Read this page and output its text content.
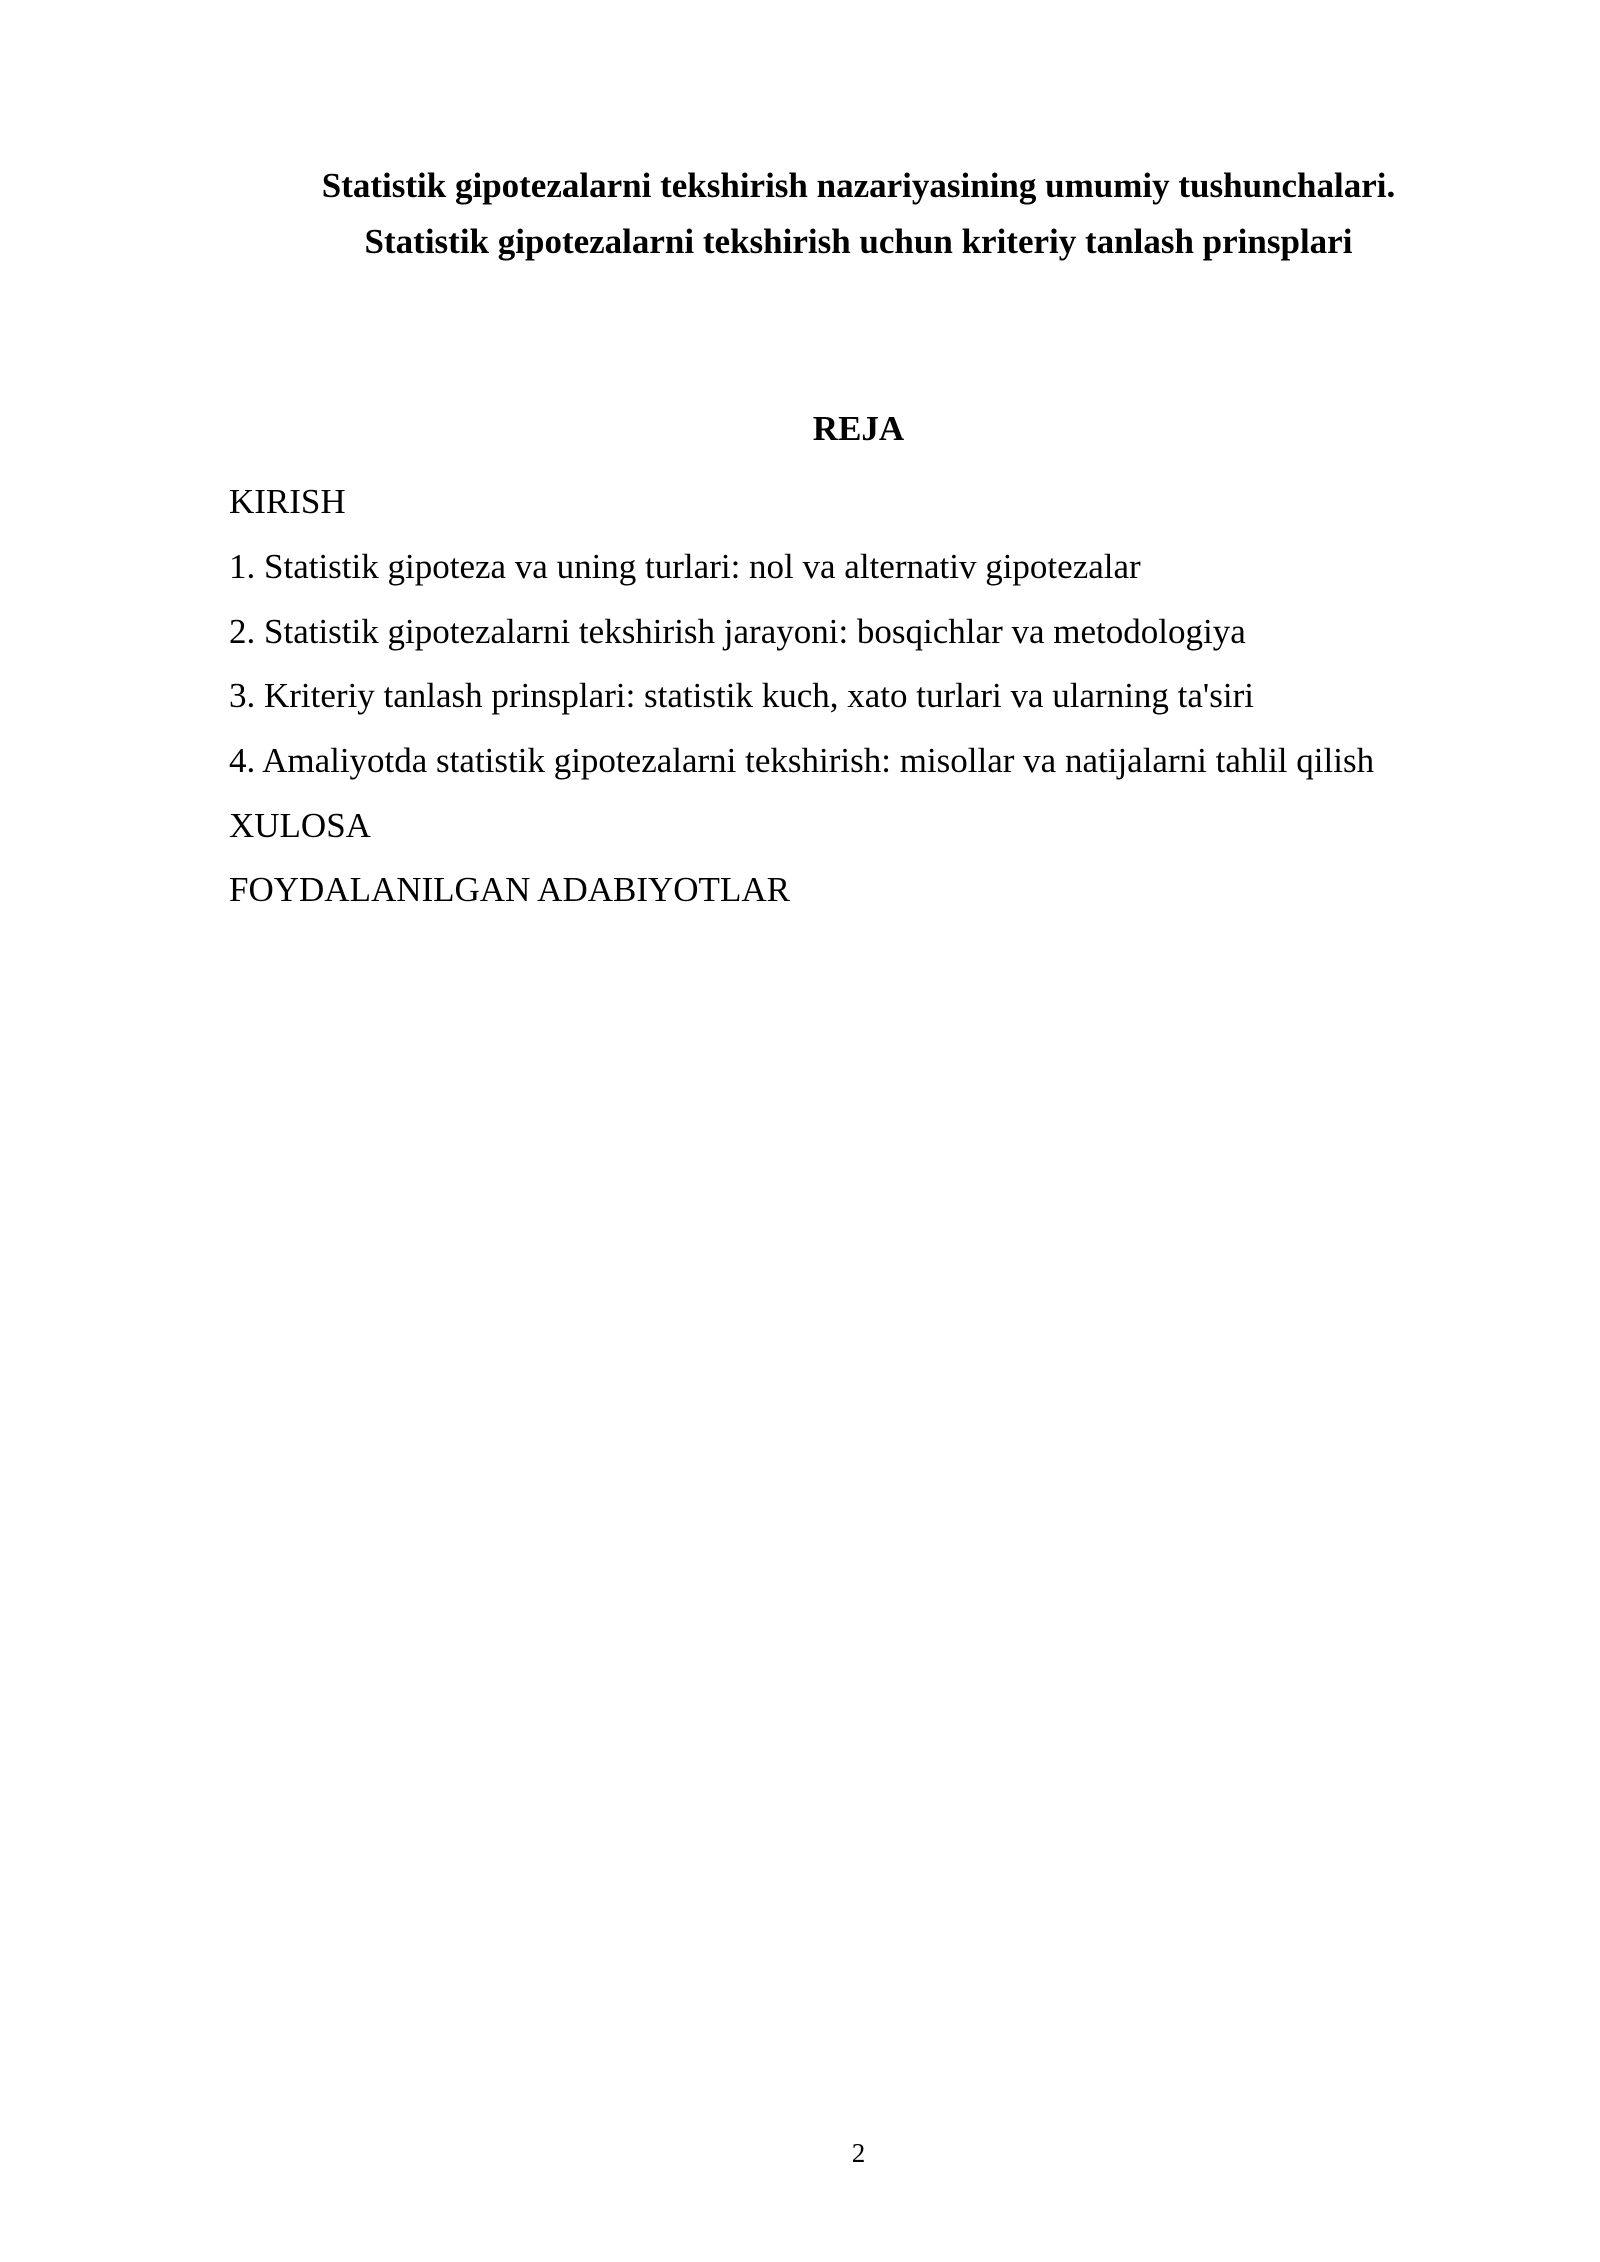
Statistik gipotezalarni tekshirish nazariyasining umumiy tushunchalari.
Statistik gipotezalarni tekshirish uchun kriteriy tanlash prinsplari
REJA
KIRISH
1. Statistik gipoteza va uning turlari: nol va alternativ gipotezalar
2. Statistik gipotezalarni tekshirish jarayoni: bosqichlar va metodologiya
3. Kriteriy tanlash prinsplari: statistik kuch, xato turlari va ularning ta'siri
4. Amaliyotda statistik gipotezalarni tekshirish: misollar va natijalarni tahlil qilish
XULOSA
FOYDALANILGAN ADABIYOTLAR
2
